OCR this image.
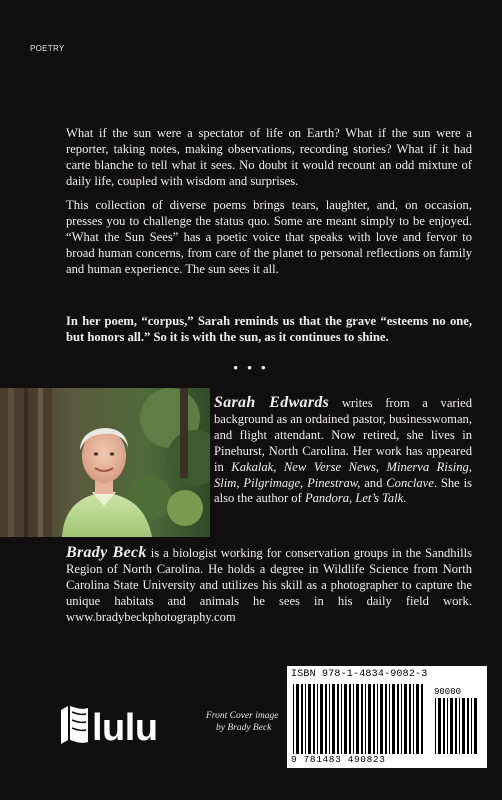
POETRY

What if the sun were a spectator of life on Earth? What if the sun were a reporter, taking notes, making observations, recording stories? What if it had carte blanche to tell what it sees. No doubt it would recount an odd mixture of daily life, coupled with wisdom and surprises.

This collection of diverse poems brings tears, laughter, and, on occasion, presses you to challenge the status quo. Some are meant simply to be enjoyed. “What the Sun Sees” has a poetic voice that speaks with love and fervor to broad human concerns, from care of the planet to personal reflections on family and human experience. The sun sees it all.

In her poem, “corpus,” Sarah reminds us that the grave “esteems no one, but honors all.” So it is with the sun, as it continues to shine.

• • •

Sarah Edwards writes from a varied background as an ordained pastor, businesswoman, and flight attendant. Now retired, she lives in Pinehurst, North Carolina. Her work has appeared in Kakalak, New Verse News, Minerva Rising, Slim, Pilgrimage, Pinestraw, and Conclave. She is also the author of Pandora, Let’s Talk.

Brady Beck is a biologist working for conservation groups in the Sandhills Region of North Carolina. He holds a degree in Wildlife Science from North Carolina State University and utilizes his skill as a photographer to capture the unique habitats and animals he sees in his daily field work. www.bradybeckphotography.com

lulu	Front Cover image
by Brady Beck
ISBN 978-1-4834-9082-3
90000
9 781483 490823
